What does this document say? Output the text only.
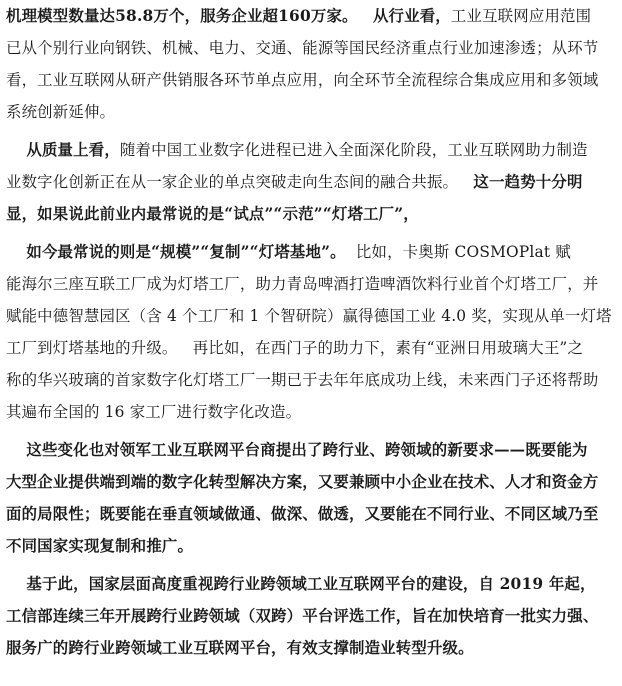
机理模型数量达58.8万个，服务企业超160万家。 从行业看，工业互联网应用范围
已从个别行业向钢铁、机械、电力、交通、能源等国民经济重点行业加速渗透；从环节
看，工业互联网从研产供销服各环节单点应用，向全环节全流程综合集成应用和多领域
系统创新延伸。
从质量上看，随着中国工业数字化进程已进入全面深化阶段，工业互联网助力制造
业数字化创新正在从一家企业的单点突破走向生态间的融合共振。 这一趋势十分明
显，如果说此前业内最常说的是“试点”“示范”“灯塔工厂”，
如今最常说的则是“规模”“复制”“灯塔基地”。  比如，卡奥斯 COSMOPlat 赋
能海尔三座互联工厂成为灯塔工厂，助力青岛啤酒打造啤酒饮料行业首个灯塔工厂，并
赋能中德智慧园区（含 4 个工厂和 1 个智研院）赢得德国工业 4.0 奖，实现从单一灯塔
工厂到灯塔基地的升级。   再比如，在西门子的助力下，素有“亚洲日用玻璃大王”之
称的华兴玻璃的首家数字化灯塔工厂一期已于去年年底成功上线，未来西门子还将帮助
其遍布全国的 16 家工厂进行数字化改造。
这些变化也对领军工业互联网平台商提出了跨行业、跨领域的新要求——既要能为
大型企业提供端到端的数字化转型解决方案，又要兼顾中小企业在技术、人才和资金方
面的局限性；既要能在垂直领域做通、做深、做透，又要能在不同行业、不同区域乃至
不同国家实现复制和推广。
基于此，国家层面高度重视跨行业跨领域工业互联网平台的建设，自 2019 年起，
工信部连续三年开展跨行业跨领域（双跨）平台评选工作，旨在加快培育一批实力强、
服务广的跨行业跨领域工业互联网平台，有效支撑制造业转型升级。
